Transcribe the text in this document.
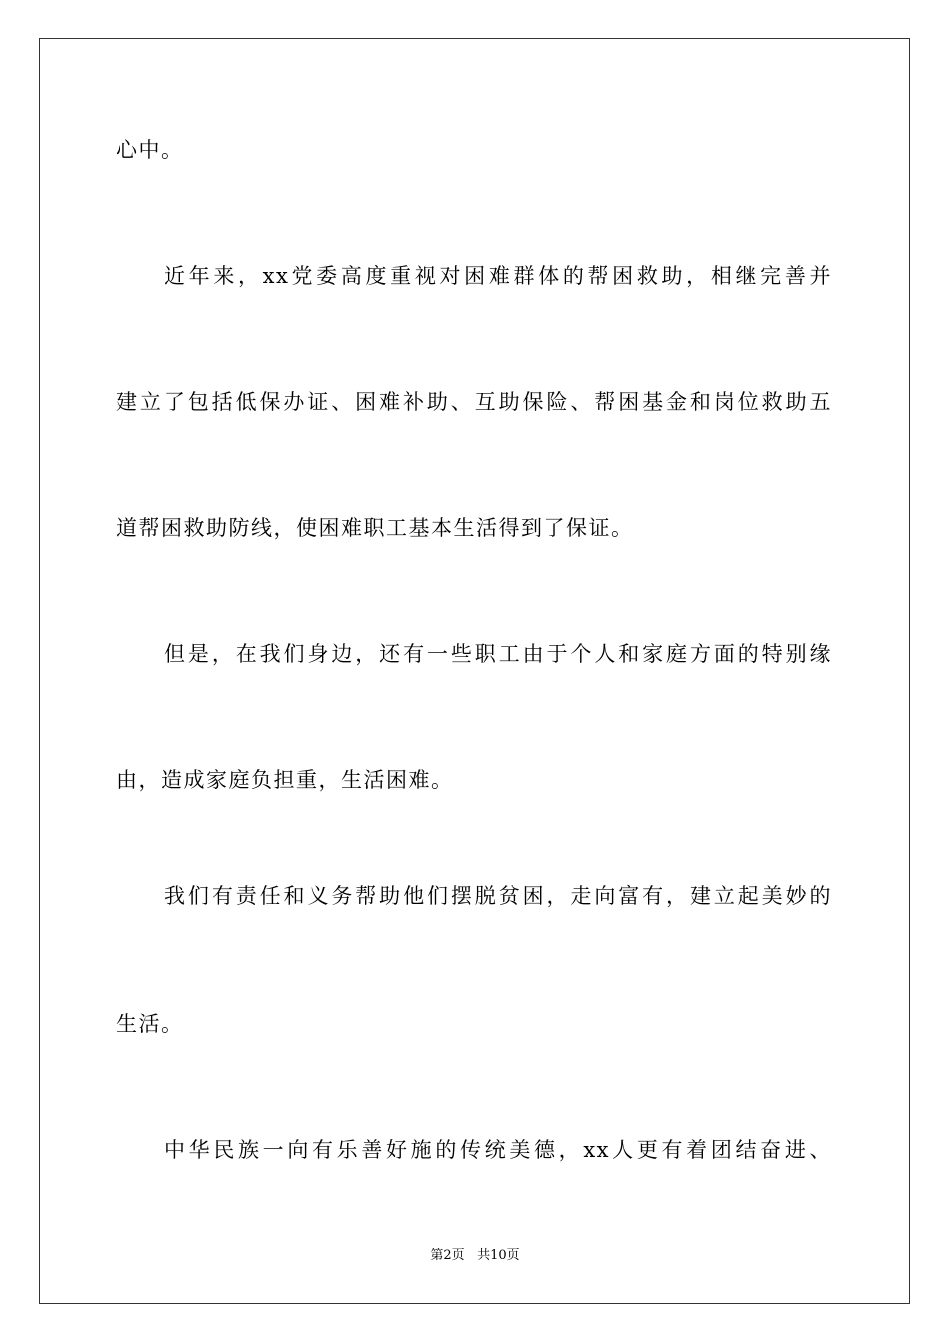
心中。
近年来，xx党委高度重视对困难群体的帮困救助，相继完善并
建立了包括低保办证、困难补助、互助保险、帮困基金和岗位救助五
道帮困救助防线，使困难职工基本生活得到了保证。
但是，在我们身边，还有一些职工由于个人和家庭方面的特别缘
由，造成家庭负担重，生活困难。
我们有责任和义务帮助他们摆脱贫困，走向富有，建立起美妙的
生活。
中华民族一向有乐善好施的传统美德，xx人更有着团结奋进、
第2页 共10页
